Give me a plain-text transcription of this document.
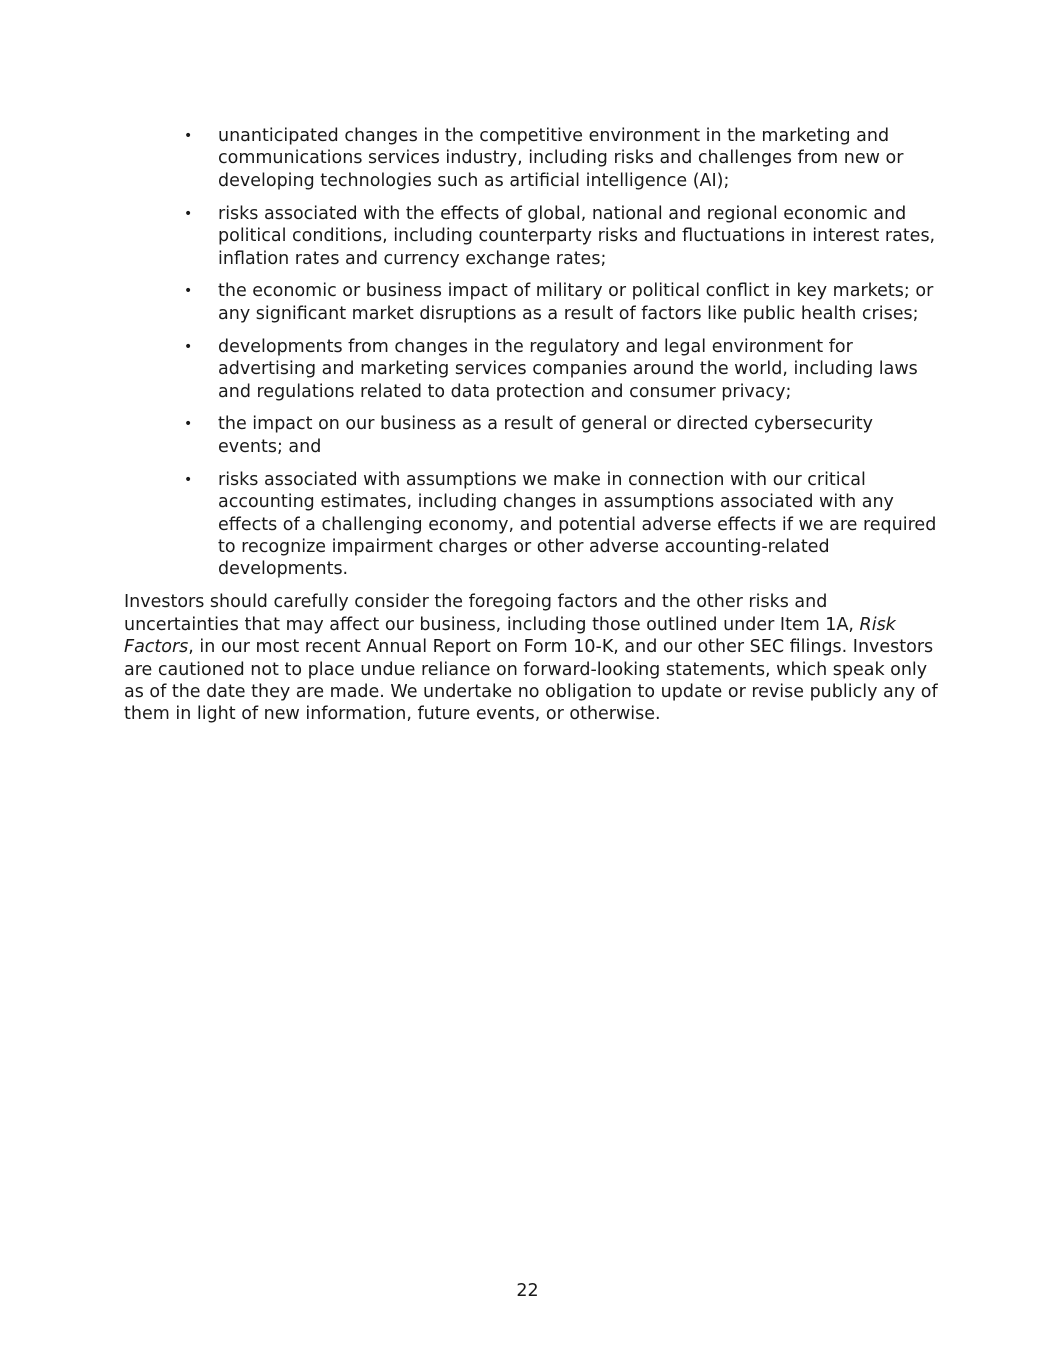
• unanticipated changes in the competitive environment in the marketing and communications services industry, including risks and challenges from new or developing technologies such as artificial intelligence (AI);
• risks associated with the effects of global, national and regional economic and political conditions, including counterparty risks and fluctuations in interest rates, inflation rates and currency exchange rates;
• the economic or business impact of military or political conflict in key markets; or any significant market disruptions as a result of factors like public health crises;
• developments from changes in the regulatory and legal environment for advertising and marketing services companies around the world, including laws and regulations related to data protection and consumer privacy;
• the impact on our business as a result of general or directed cybersecurity events; and
• risks associated with assumptions we make in connection with our critical accounting estimates, including changes in assumptions associated with any effects of a challenging economy, and potential adverse effects if we are required to recognize impairment charges or other adverse accounting-related developments.

Investors should carefully consider the foregoing factors and the other risks and uncertainties that may affect our business, including those outlined under Item 1A, Risk Factors, in our most recent Annual Report on Form 10-K, and our other SEC filings. Investors are cautioned not to place undue reliance on forward-looking statements, which speak only as of the date they are made. We undertake no obligation to update or revise publicly any of them in light of new information, future events, or otherwise.

22
